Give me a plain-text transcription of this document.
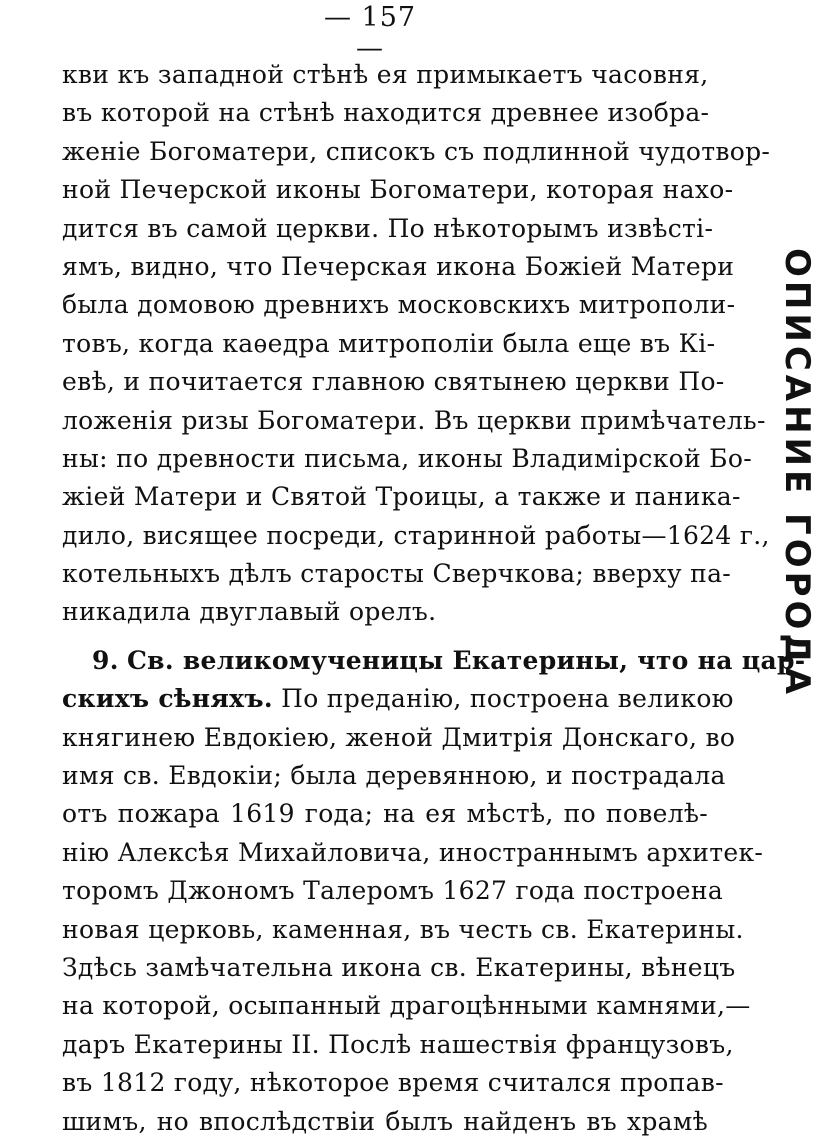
— 157 —
кви къ западной стѣнѣ ея примыкаетъ часовня,
въ которой на стѣнѣ находится древнее изобра-
женіе Богоматери, списокъ съ подлинной чудотвор-
ной Печерской иконы Богоматери, которая нахо-
дится въ самой церкви. По нѣкоторымъ извѣстi-
ямъ, видно, что Печерская икона Божiей Матери
была домовою древнихъ московскихъ митрополи-
товъ, когда каѳедра митрополiи была еще въ Кi-
евѣ, и почитается главною святынею церкви По-
ложенiя ризы Богоматери. Въ церкви примѣчатель-
ны: по древности письма, иконы Владимiрской Бо-
жiей Матери и Святой Троицы, а также и паника-
дило, висящее посреди, старинной работы—1624 г.,
котельныхъ дѣлъ старосты Сверчкова; вверху па-
никадила двуглавый орелъ.
9. Св. великомученицы Екатерины, что на цар-
скихъ сѣняхъ. По преданiю, построена великою
княгинею Евдокiею, женой Дмитрiя Донскаго, во
имя св. Евдокiи; была деревянною, и пострадала
отъ пожара 1619 года; на ея мѣстѣ, по повелѣ-
нiю Алексѣя Михайловича, иностраннымъ архитек-
торомъ Джономъ Талеромъ 1627 года построена
новая церковь, каменная, въ честь св. Екатерины.
Здѣсь замѣчательна икона св. Екатерины, вѣнецъ
на которой, осыпанный драгоцѣнными камнями,—
даръ Екатерины II. Послѣ нашествiя французовъ,
въ 1812 году, нѣкоторое время считался пропав-
шимъ, но впослѣдствiи былъ найденъ въ храмѣ
ОПИСАНИЕ ГОРОДА
